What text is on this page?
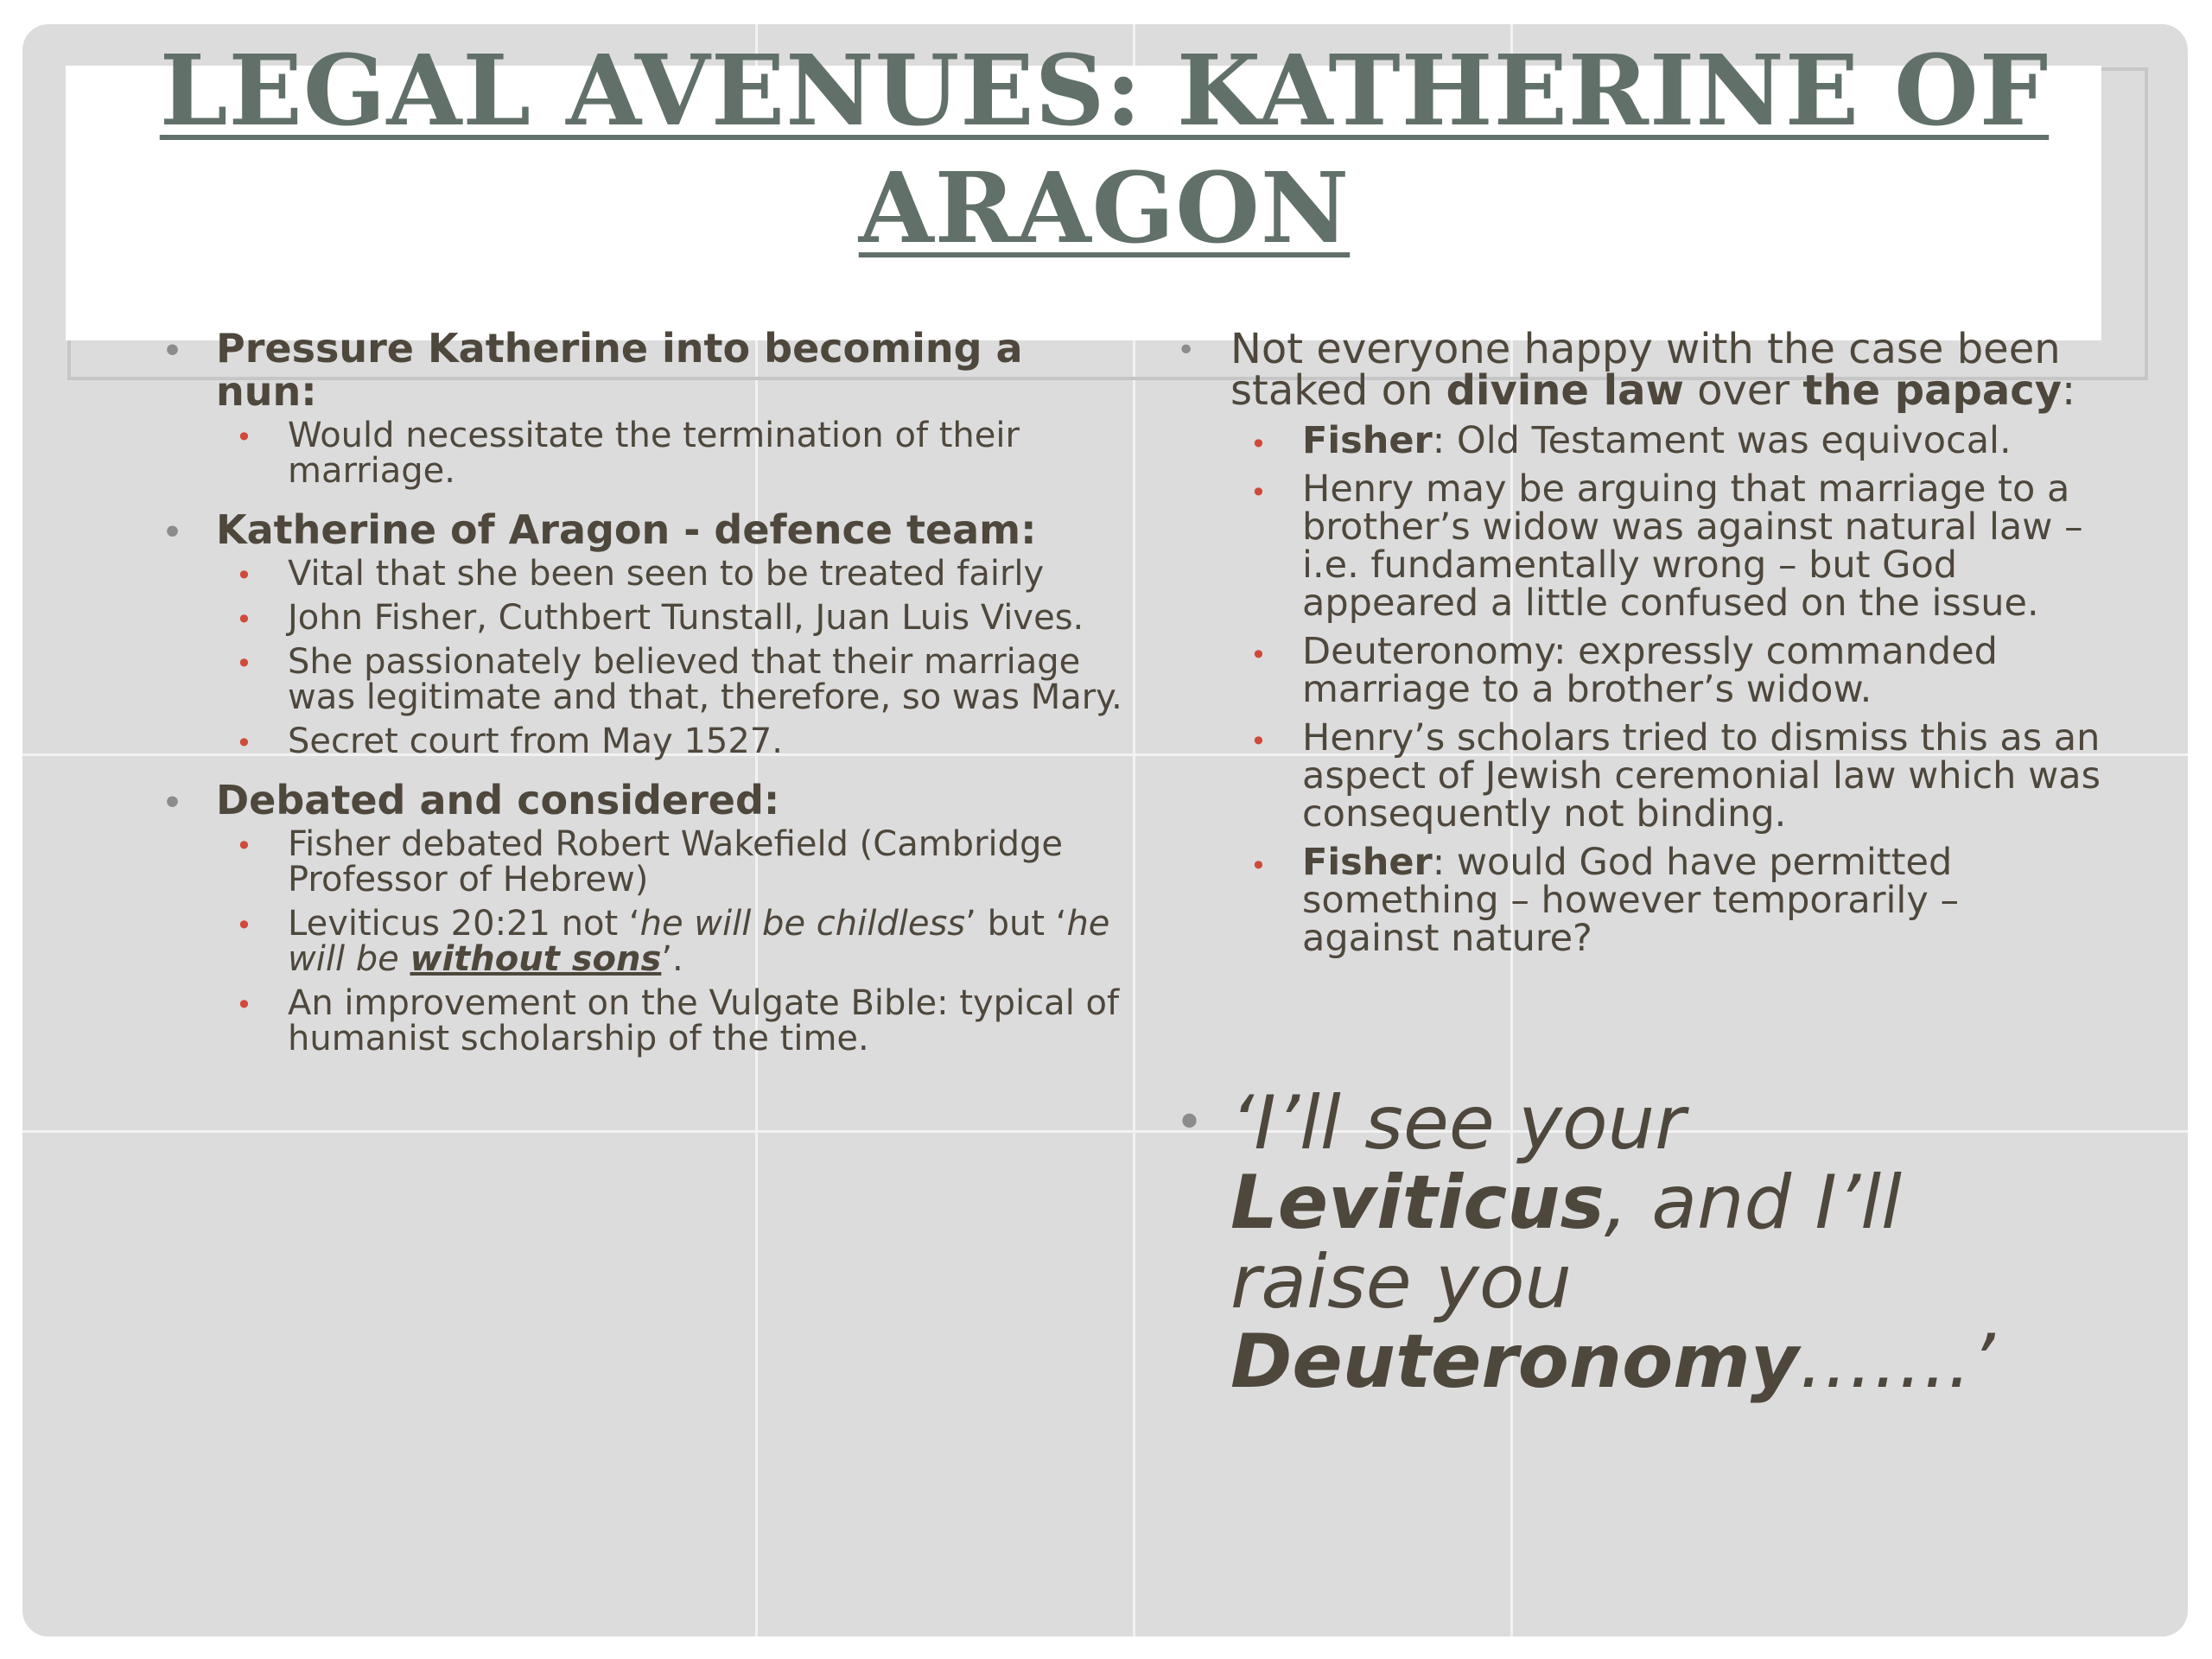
LEGAL AVENUES: KATHERINE OF
ARAGON
• Pressure Katherine into becoming a nun:
• Would necessitate the termination of their marriage.
• Katherine of Aragon - defence team:
• Vital that she been seen to be treated fairly
• John Fisher, Cuthbert Tunstall, Juan Luis Vives.
• She passionately believed that their marriage was legitimate and that, therefore, so was Mary.
• Secret court from May 1527.
• Debated and considered:
• Fisher debated Robert Wakefield (Cambridge Professor of Hebrew)
• Leviticus 20:21 not ‘he will be childless’ but ‘he will be without sons’.
• An improvement on the Vulgate Bible: typical of humanist scholarship of the time.
• Not everyone happy with the case been staked on divine law over the papacy:
• Fisher: Old Testament was equivocal.
• Henry may be arguing that marriage to a brother’s widow was against natural law – i.e. fundamentally wrong – but God appeared a little confused on the issue.
• Deuteronomy: expressly commanded marriage to a brother’s widow.
• Henry’s scholars tried to dismiss this as an aspect of Jewish ceremonial law which was consequently not binding.
• Fisher: would God have permitted something – however temporarily – against nature?
• ‘I’ll see your Leviticus, and I’ll raise you Deuteronomy…….’
